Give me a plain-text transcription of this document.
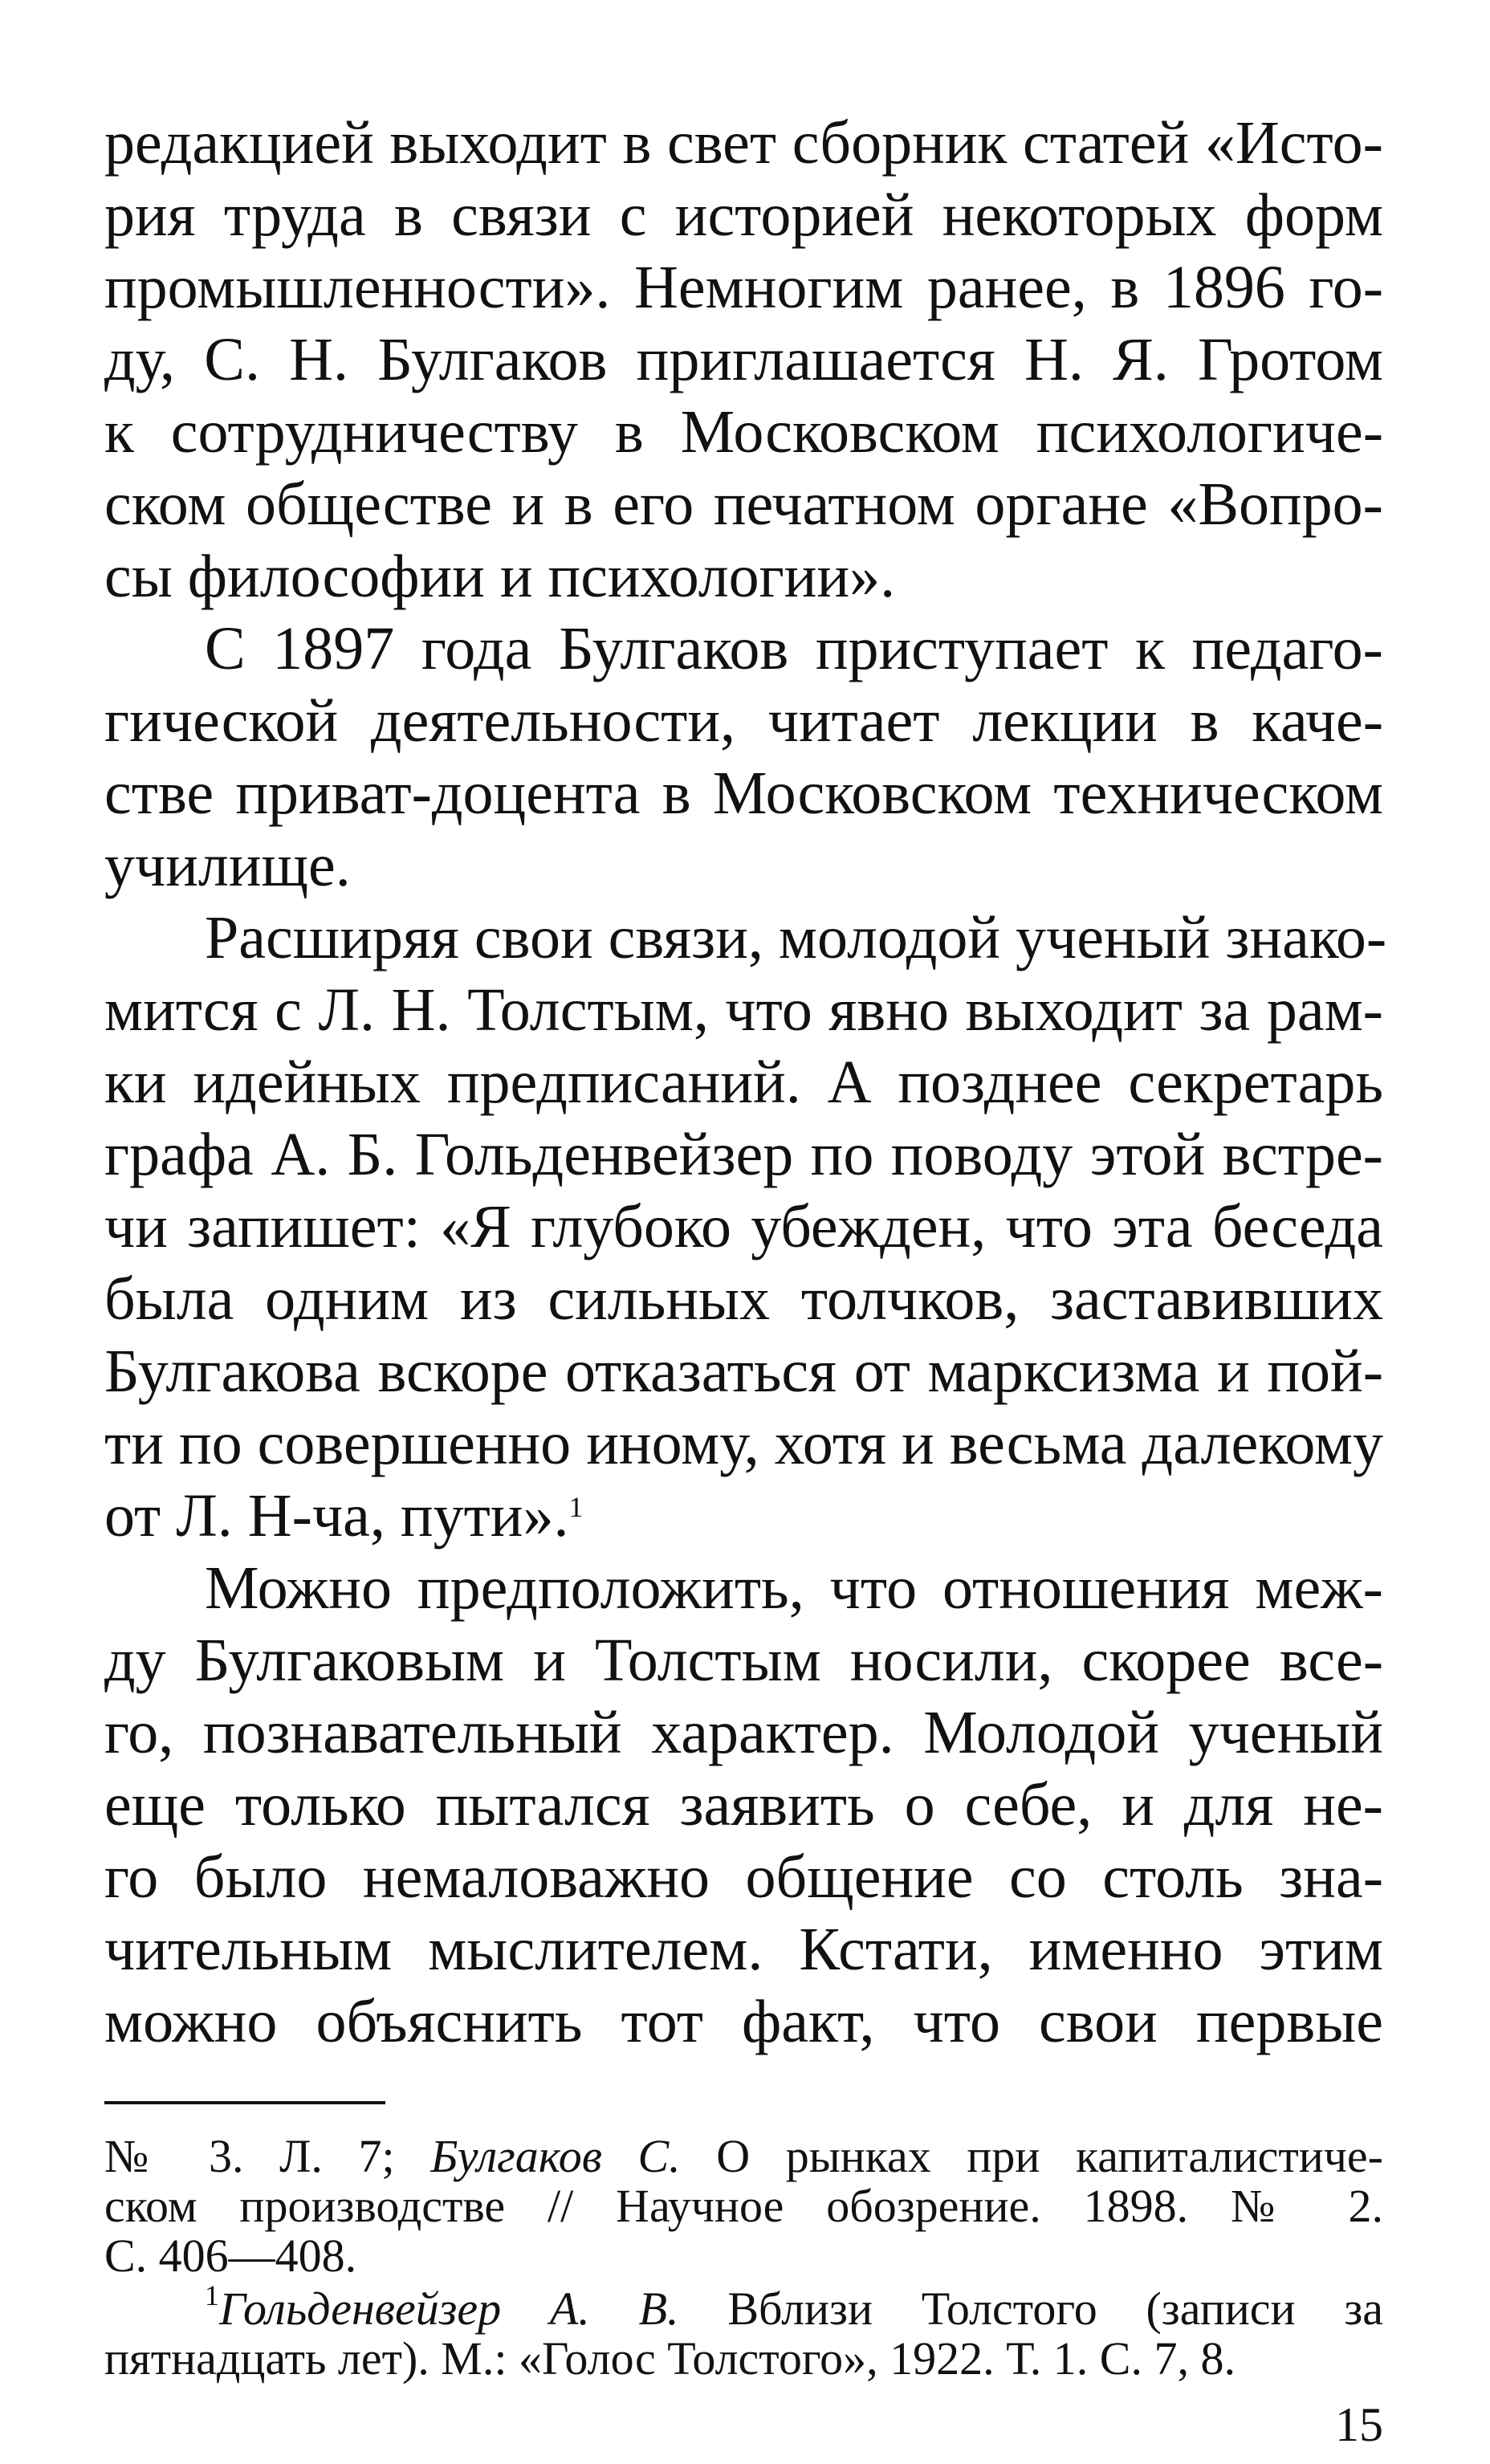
редакцией выходит в свет сборник статей «Исто-
рия труда в связи с историей некоторых форм
промышленности». Немногим ранее, в 1896 го-
ду, С. Н. Булгаков приглашается Н. Я. Гротом
к сотрудничеству в Московском психологиче-
ском обществе и в его печатном органе «Вопро-
сы философии и психологии».
С 1897 года Булгаков приступает к педаго-
гической деятельности, читает лекции в каче-
стве приват-доцента в Московском техническом
училище.
Расширяя свои связи, молодой ученый знако-
мится с Л. Н. Толстым, что явно выходит за рам-
ки идейных предписаний. А позднее секретарь
графа А. Б. Гольденвейзер по поводу этой встре-
чи запишет: «Я глубоко убежден, что эта беседа
была одним из сильных толчков, заставивших
Булгакова вскоре отказаться от марксизма и пой-
ти по совершенно иному, хотя и весьма далекому
от Л. Н-ча, пути».$^1$
Можно предположить, что отношения меж-
ду Булгаковым и Толстым носили, скорее все-
го, познавательный характер. Молодой ученый
еще только пытался заявить о себе, и для не-
го было немаловажно общение со столь зна-
чительным мыслителем. Кстати, именно этим
можно объяснить тот факт, что свои первые
№ 3. Л. 7; Булгаков С. О рынках при капиталистиче-
ском производстве // Научное обозрение. 1898. № 2.
С. 406—408.
$^1$Гольденвейзер А. В. Вблизи Толстого (записи за
пятнадцать лет). М.: «Голос Толстого», 1922. Т. 1. С. 7, 8.
15
